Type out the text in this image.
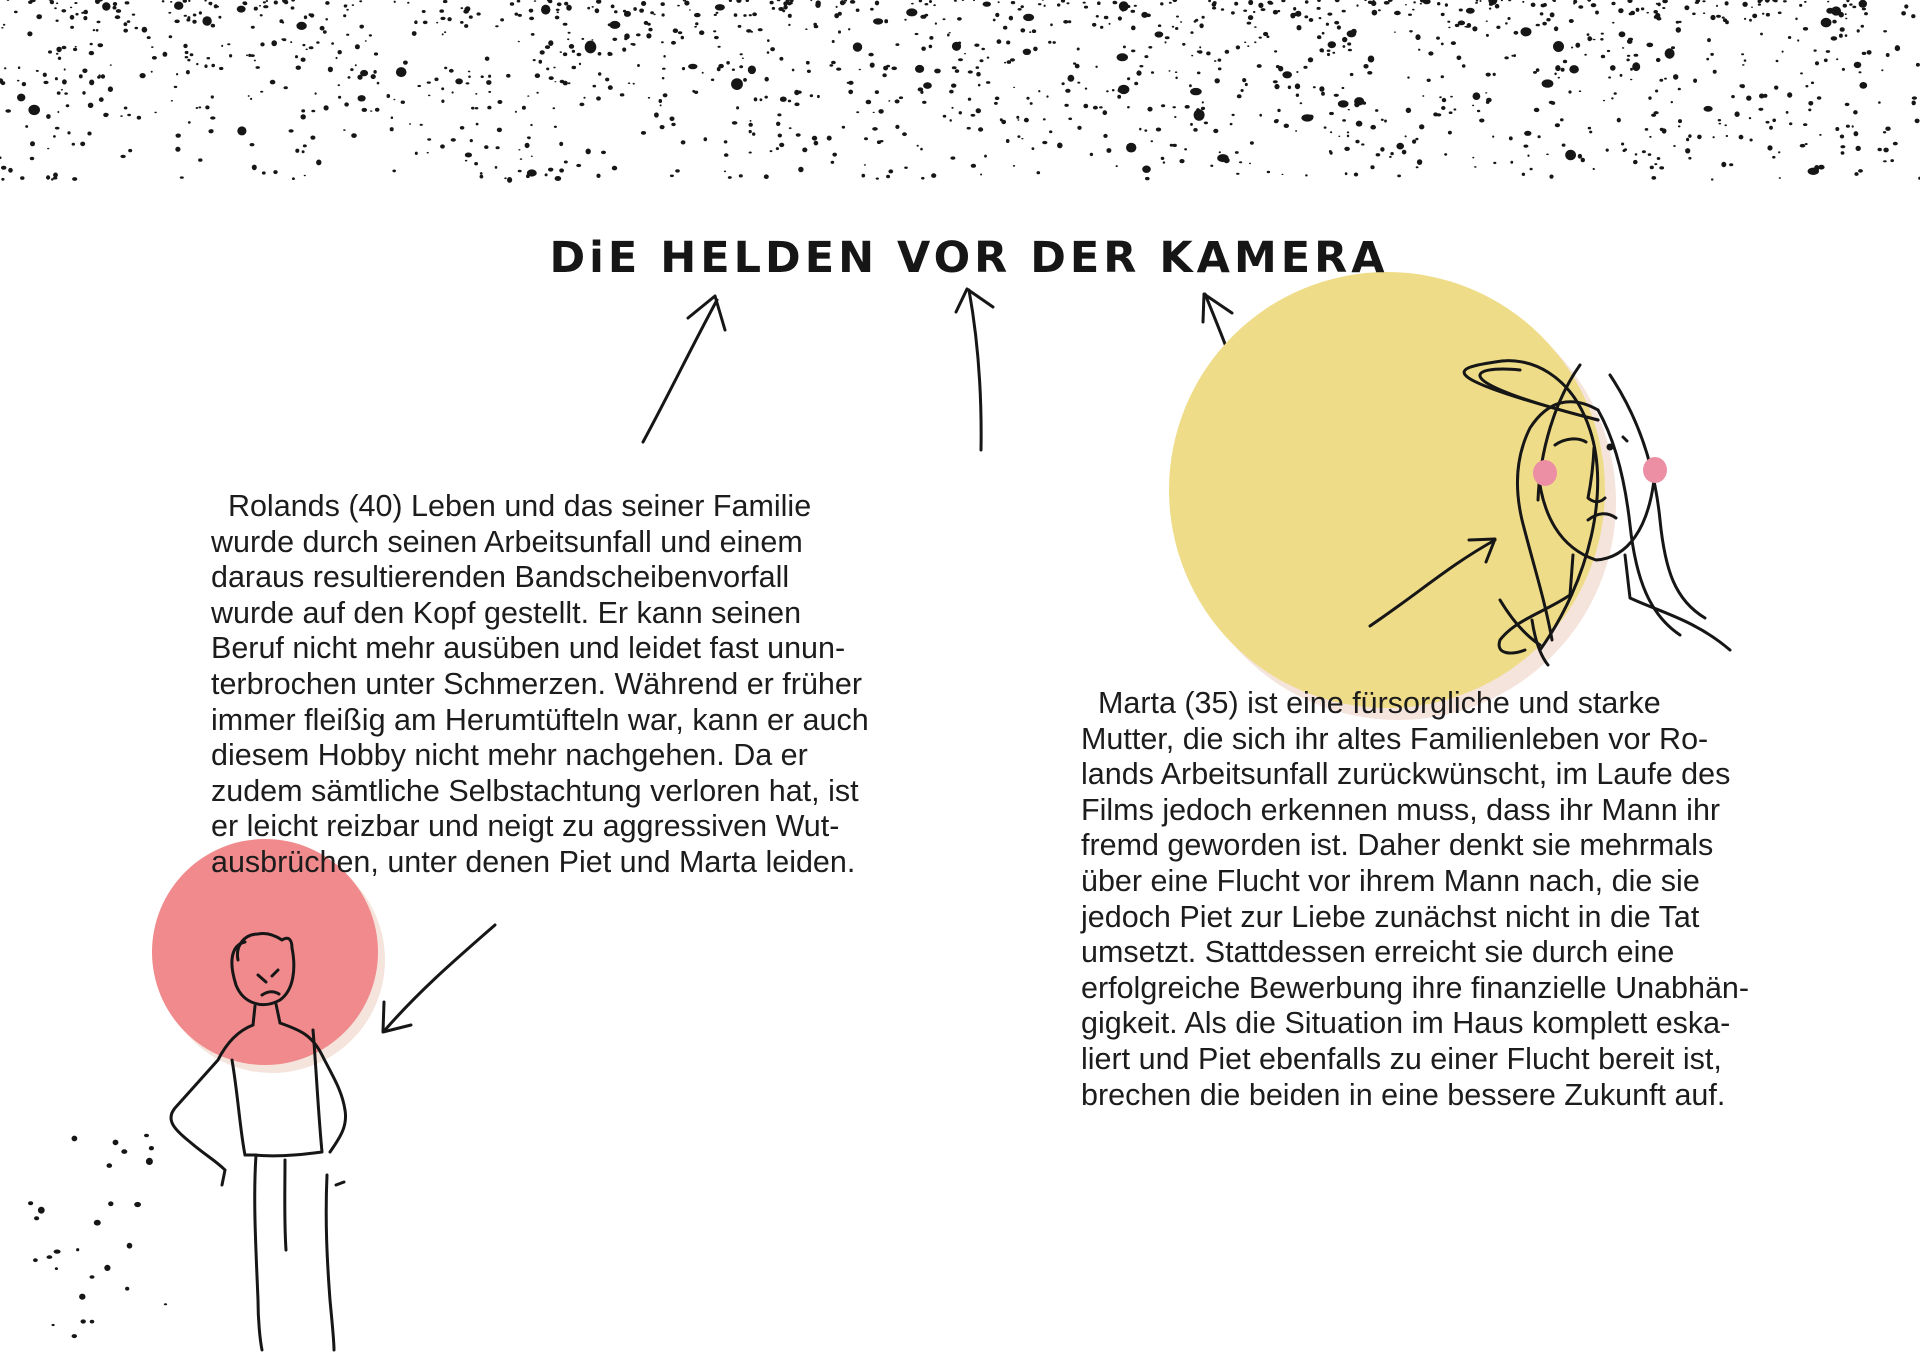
DiE HELDEN VOR DER KAMERA
Rolands (40) Leben und das seiner Familie
wurde durch seinen Arbeitsunfall und einem
daraus resultierenden Bandscheibenvorfall
wurde auf den Kopf gestellt. Er kann seinen
Beruf nicht mehr ausüben und leidet fast unun-
terbrochen unter Schmerzen. Während er früher
immer fleißig am Herumtüfteln war, kann er auch
diesem Hobby nicht mehr nachgehen. Da er
zudem sämtliche Selbstachtung verloren hat, ist
er leicht reizbar und neigt zu aggressiven Wut-
ausbrüchen, unter denen Piet und Marta leiden.
Marta (35) ist eine fürsorgliche und starke
Mutter, die sich ihr altes Familienleben vor Ro-
lands Arbeitsunfall zurückwünscht, im Laufe des
Films jedoch erkennen muss, dass ihr Mann ihr
fremd geworden ist. Daher denkt sie mehrmals
über eine Flucht vor ihrem Mann nach, die sie
jedoch Piet zur Liebe zunächst nicht in die Tat
umsetzt. Stattdessen erreicht sie durch eine
erfolgreiche Bewerbung ihre finanzielle Unabhän-
gigkeit. Als die Situation im Haus komplett eska-
liert und Piet ebenfalls zu einer Flucht bereit ist,
brechen die beiden in eine bessere Zukunft auf.
